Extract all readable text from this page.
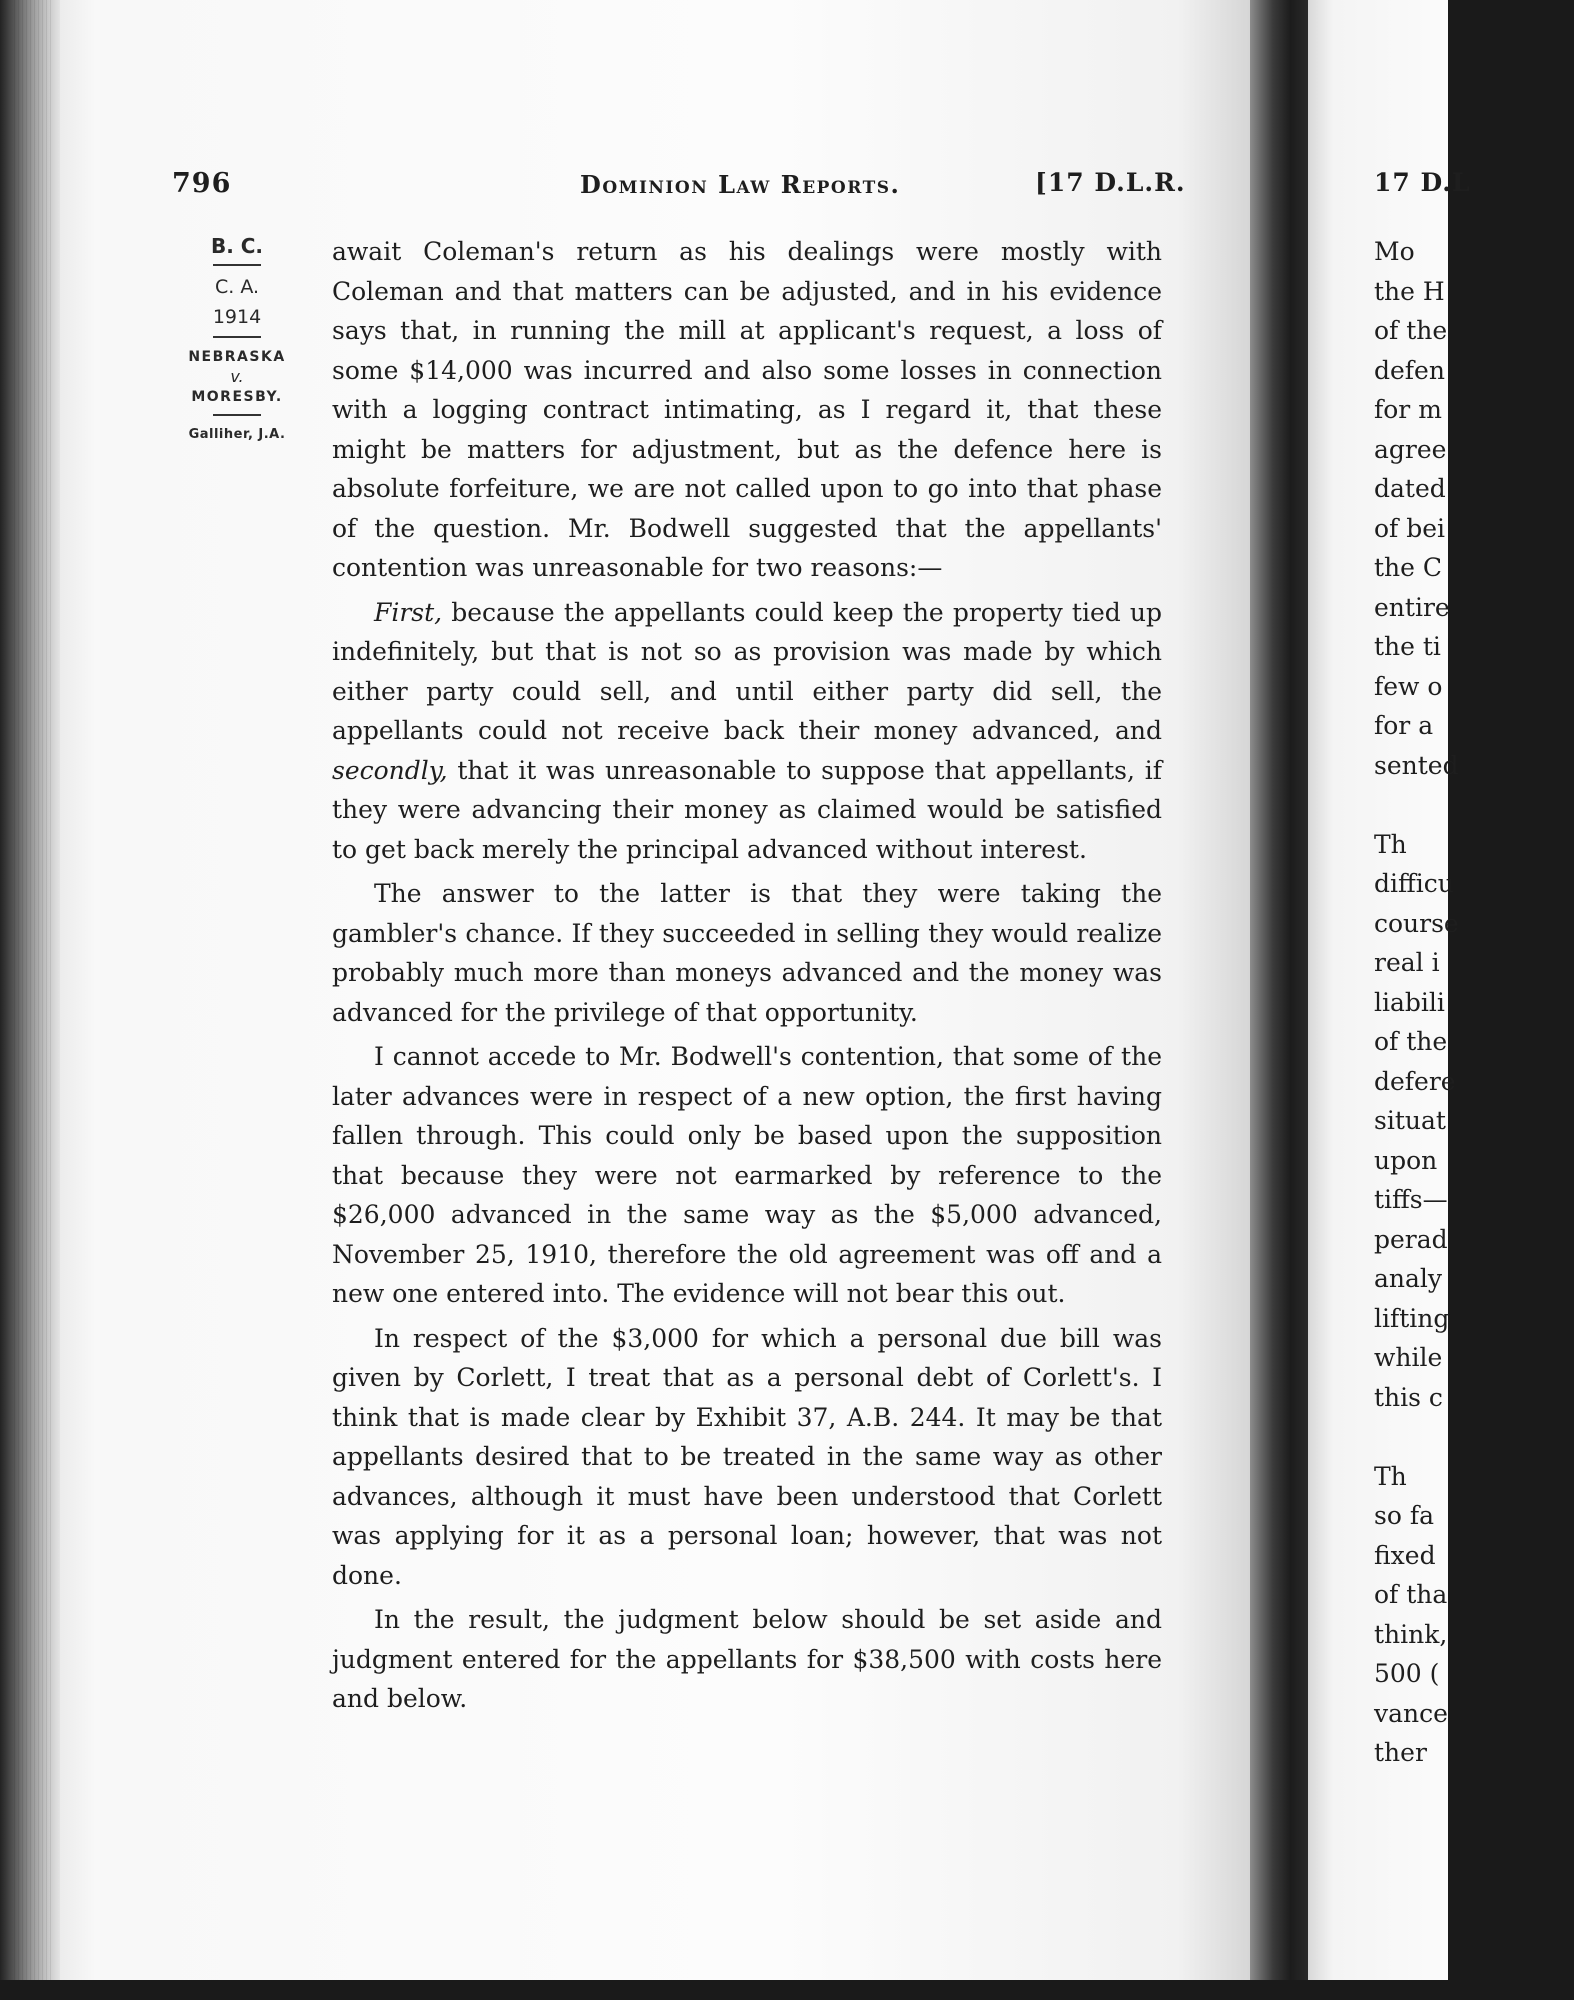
796	Dominion Law Reports.	[17 D.L.R.
B. C.
C. A.
1914
NEBRASKA
v.
MORESBY.
Galliher, J.A.

await Coleman's return as his dealings were mostly with Coleman and that matters can be adjusted, and in his evidence says that, in running the mill at applicant's request, a loss of some $14,000 was incurred and also some losses in connection with a logging contract intimating, as I regard it, that these might be matters for adjustment, but as the defence here is absolute forfeiture, we are not called upon to go into that phase of the question. Mr. Bodwell suggested that the appellants' contention was unreasonable for two reasons:—

First, because the appellants could keep the property tied up indefinitely, but that is not so as provision was made by which either party could sell, and until either party did sell, the appellants could not receive back their money advanced, and secondly, that it was unreasonable to suppose that appellants, if they were advancing their money as claimed would be satisfied to get back merely the principal advanced without interest.

The answer to the latter is that they were taking the gambler's chance. If they succeeded in selling they would realize probably much more than moneys advanced and the money was advanced for the privilege of that opportunity.

I cannot accede to Mr. Bodwell's contention, that some of the later advances were in respect of a new option, the first having fallen through. This could only be based upon the supposition that because they were not earmarked by reference to the $26,000 advanced in the same way as the $5,000 advanced, November 25, 1910, therefore the old agreement was off and a new one entered into. The evidence will not bear this out.

In respect of the $3,000 for which a personal due bill was given by Corlett, I treat that as a personal debt of Corlett's. I think that is made clear by Exhibit 37, A.B. 244. It may be that appellants desired that to be treated in the same way as other advances, although it must have been understood that Corlett was applying for it as a personal loan; however, that was not done.

In the result, the judgment below should be set aside and judgment entered for the appellants for $38,500 with costs here and below.

17 D.L
Mo
the H
of the
defen
for m
agree
dated
of bei
the C
entire
the ti
few o
for a
sented
Th
difficu
course
real i
liabili
of the
defere
situat
upon
tiffs—
perad
analy
lifting
while
this c
Th
so fa
fixed
of tha
think,
500 (
vance
ther
